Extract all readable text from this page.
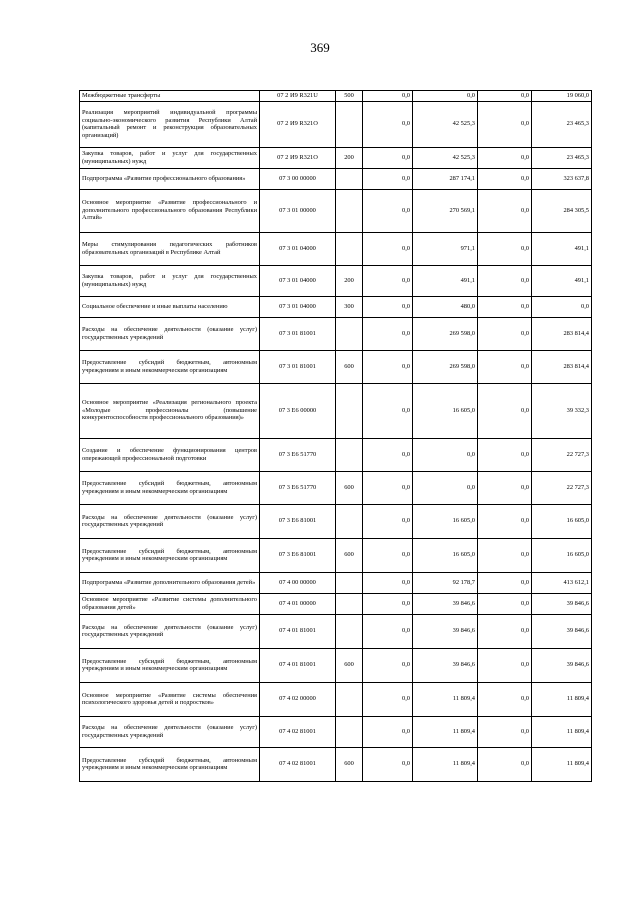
369
Межбюджетные трансферты	07 2 И9 R321U	500	0,0	0,0	0,0	19 060,0
Реализация мероприятий индивидуальной программы социально-экономического развития Республики Алтай (капитальный ремонт и реконструкция образовательных организаций)	07 2 И9 R321O		0,0	42 525,3	0,0	23 465,3
Закупка товаров, работ и услуг для государственных (муниципальных) нужд	07 2 И9 R321O	200	0,0	42 525,3	0,0	23 465,3
Подпрограмма «Развитие профессионального образования»	07 3 00 00000		0,0	287 174,1	0,0	323 637,8
Основное мероприятие «Развитие профессионального и дополнительного профессионального образования Республики Алтай»	07 3 01 00000		0,0	270 569,1	0,0	284 305,5
Меры стимулирования педагогических работников образовательных организаций в Республике Алтай	07 3 01 04000		0,0	971,1	0,0	491,1
Закупка товаров, работ и услуг для государственных (муниципальных) нужд	07 3 01 04000	200	0,0	491,1	0,0	491,1
Социальное обеспечение и иные выплаты населению	07 3 01 04000	300	0,0	480,0	0,0	0,0
Расходы на обеспечение деятельности (оказание услуг) государственных учреждений	07 3 01 81001		0,0	269 598,0	0,0	283 814,4
Предоставление субсидий бюджетным, автономным учреждениям и иным некоммерческим организациям	07 3 01 81001	600	0,0	269 598,0	0,0	283 814,4
Основное мероприятие «Реализация регионального проекта «Молодые профессионалы (повышение конкурентоспособности профессионального образования)»	07 3 E6 00000		0,0	16 605,0	0,0	39 332,3
Создание и обеспечение функционирования центров опережающей профессиональной подготовки	07 3 E6 51770		0,0	0,0	0,0	22 727,3
Предоставление субсидий бюджетным, автономным учреждениям и иным некоммерческим организациям	07 3 E6 51770	600	0,0	0,0	0,0	22 727,3
Расходы на обеспечение деятельности (оказание услуг) государственных учреждений	07 3 E6 81001		0,0	16 605,0	0,0	16 605,0
Предоставление субсидий бюджетным, автономным учреждениям и иным некоммерческим организациям	07 3 E6 81001	600	0,0	16 605,0	0,0	16 605,0
Подпрограмма «Развитие дополнительного образования детей»	07 4 00 00000		0,0	92 178,7	0,0	413 612,1
Основное мероприятие «Развитие системы дополнительного образования детей»	07 4 01 00000		0,0	39 846,6	0,0	39 846,6
Расходы на обеспечение деятельности (оказание услуг) государственных учреждений	07 4 01 81001		0,0	39 846,6	0,0	39 846,6
Предоставление субсидий бюджетным, автономным учреждениям и иным некоммерческим организациям	07 4 01 81001	600	0,0	39 846,6	0,0	39 846,6
Основное мероприятие «Развитие системы обеспечения психологического здоровья детей и подростков»	07 4 02 00000		0,0	11 809,4	0,0	11 809,4
Расходы на обеспечение деятельности (оказание услуг) государственных учреждений	07 4 02 81001		0,0	11 809,4	0,0	11 809,4
Предоставление субсидий бюджетным, автономным учреждениям и иным некоммерческим организациям	07 4 02 81001	600	0,0	11 809,4	0,0	11 809,4
